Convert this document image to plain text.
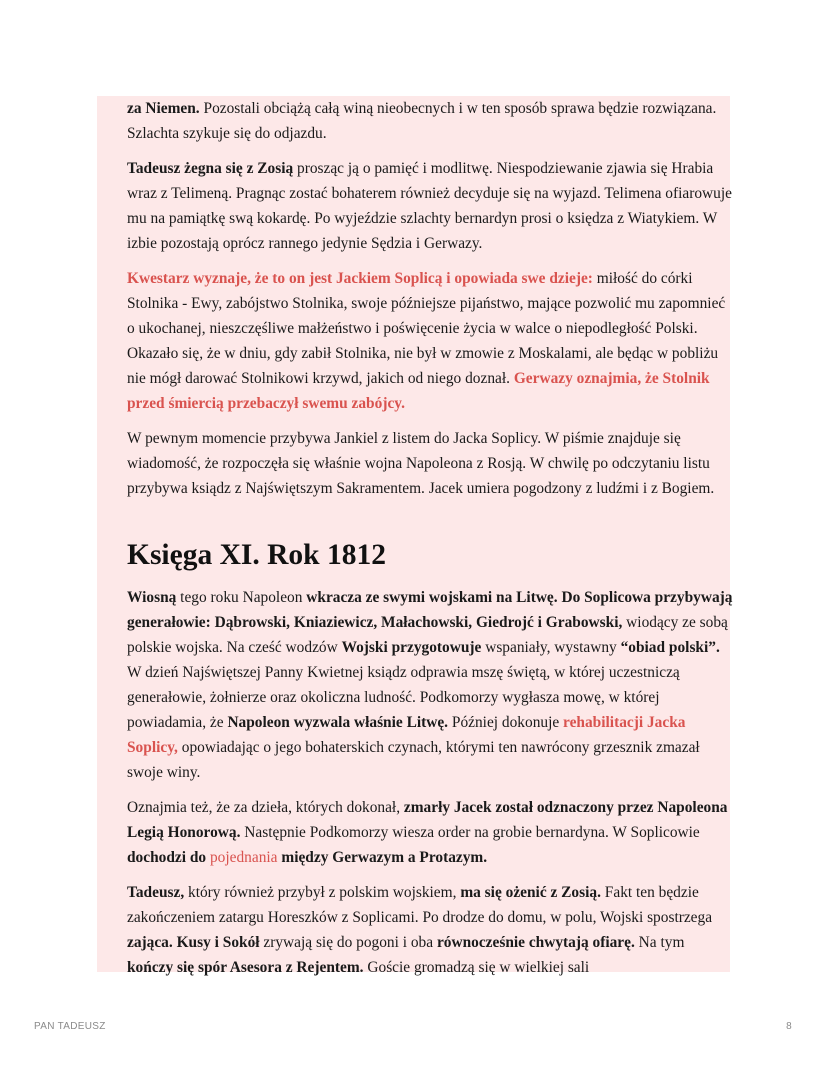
za Niemen. Pozostali obciążą całą winą nieobecnych i w ten sposób sprawa będzie rozwiązana. Szlachta szykuje się do odjazdu.

Tadeusz żegna się z Zosią prosząc ją o pamięć i modlitwę. Niespodziewanie zjawia się Hrabia wraz z Telimeną. Pragnąc zostać bohaterem również decyduje się na wyjazd. Telimena ofiarowuje mu na pamiątkę swą kokardę. Po wyjeździe szlachty bernardyn prosi o księdza z Wiatykiem. W izbie pozostają oprócz rannego jedynie Sędzia i Gerwazy.

Kwestarz wyznaje, że to on jest Jackiem Soplicą i opowiada swe dzieje: miłość do córki Stolnika - Ewy, zabójstwo Stolnika, swoje późniejsze pijaństwo, mające pozwolić mu zapomnieć o ukochanej, nieszczęśliwe małżeństwo i poświęcenie życia w walce o niepodległość Polski. Okazało się, że w dniu, gdy zabił Stolnika, nie był w zmowie z Moskalami, ale będąc w pobliżu nie mógł darować Stolnikowi krzywd, jakich od niego doznał. Gerwazy oznajmia, że Stolnik przed śmiercią przebaczył swemu zabójcy.

W pewnym momencie przybywa Jankiel z listem do Jacka Soplicy. W piśmie znajduje się wiadomość, że rozpoczęła się właśnie wojna Napoleona z Rosją. W chwilę po odczytaniu listu przybywa ksiądz z Najświętszym Sakramentem. Jacek umiera pogodzony z ludźmi i z Bogiem.

Księga XI. Rok 1812

Wiosną tego roku Napoleon wkracza ze swymi wojskami na Litwę. Do Soplicowa przybywają generałowie: Dąbrowski, Kniaziewicz, Małachowski, Giedrojć i Grabowski, wiodący ze sobą polskie wojska. Na cześć wodzów Wojski przygotowuje wspaniały, wystawny “obiad polski”. W dzień Najświętszej Panny Kwietnej ksiądz odprawia mszę świętą, w której uczestniczą generałowie, żołnierze oraz okoliczna ludność. Podkomorzy wygłasza mowę, w której powiadamia, że Napoleon wyzwala właśnie Litwę. Później dokonuje rehabilitacji Jacka Soplicy, opowiadając o jego bohaterskich czynach, którymi ten nawrócony grzesznik zmazał swoje winy.

Oznajmia też, że za dzieła, których dokonał, zmarły Jacek został odznaczony przez Napoleona Legią Honorową. Następnie Podkomorzy wiesza order na grobie bernardyna. W Soplicowie dochodzi do pojednania między Gerwazym a Protazym.

Tadeusz, który również przybył z polskim wojskiem, ma się ożenić z Zosią. Fakt ten będzie zakończeniem zatargu Horeszków z Soplicami. Po drodze do domu, w polu, Wojski spostrzega zająca. Kusy i Sokół zrywają się do pogoni i oba równocześnie chwytają ofiarę. Na tym kończy się spór Asesora z Rejentem. Goście gromadzą się w wielkiej sali

PAN TADEUSZ	8
